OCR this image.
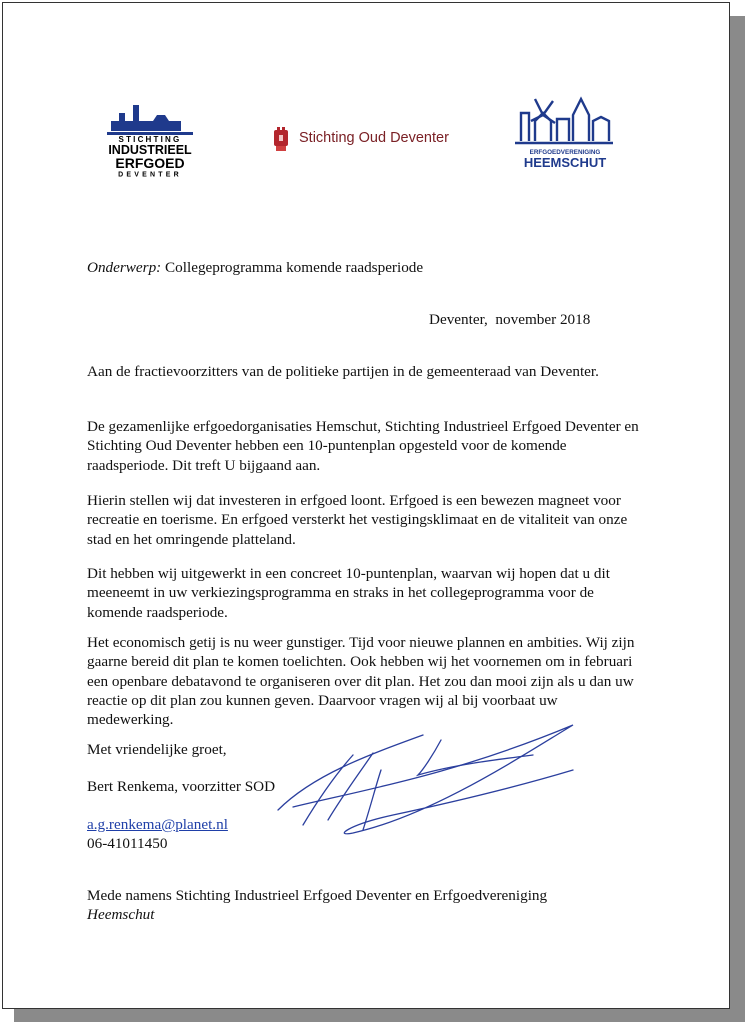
STICHTING
INDUSTRIEEL
ERFGOED
DEVENTER
Stichting Oud Deventer
ERFGOEDVERENIGING
HEEMSCHUT
Onderwerp: Collegeprogramma komende raadsperiode
Deventer,  november 2018
Aan de fractievoorzitters van de politieke partijen in de gemeenteraad van Deventer.
De gezamenlijke erfgoedorganisaties Hemschut, Stichting Industrieel Erfgoed Deventer en Stichting Oud Deventer hebben een 10-puntenplan opgesteld voor de komende raadsperiode. Dit treft U bijgaand aan.
Hierin stellen wij dat investeren in erfgoed loont. Erfgoed is een bewezen magneet voor recreatie en toerisme. En erfgoed versterkt het vestigingsklimaat en de vitaliteit van onze stad en het omringende platteland.
Dit hebben wij uitgewerkt in een concreet 10-puntenplan, waarvan wij hopen dat u dit meeneemt in uw verkiezingsprogramma en straks in het collegeprogramma voor de komende raadsperiode.
Het economisch getij is nu weer gunstiger. Tijd voor nieuwe plannen en ambities. Wij zijn gaarne bereid dit plan te komen toelichten. Ook hebben wij het voornemen om in februari een openbare debatavond te organiseren over dit plan. Het zou dan mooi zijn als u dan uw reactie op dit plan zou kunnen geven. Daarvoor vragen wij al bij voorbaat uw medewerking.
Met vriendelijke groet,
Bert Renkema, voorzitter SOD
a.g.renkema@planet.nl
06-41011450
Mede namens Stichting Industrieel Erfgoed Deventer en Erfgoedvereniging
Heemschut
